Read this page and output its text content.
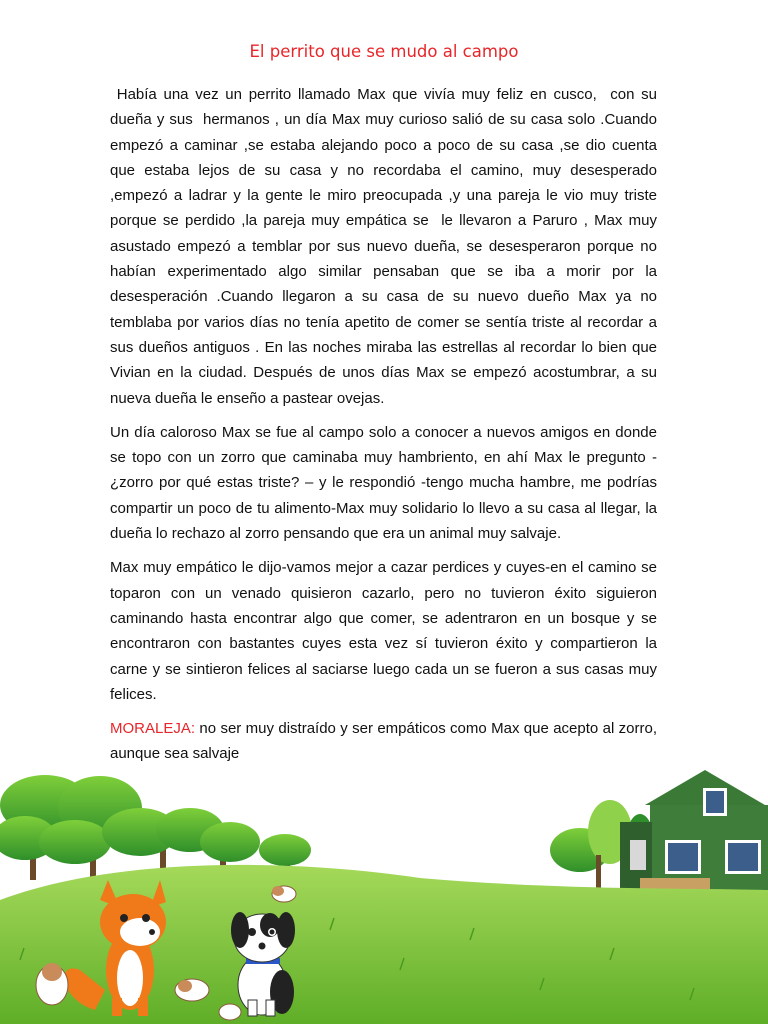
El perrito que se mudo al campo

Había una vez un perrito llamado Max que vivía muy feliz en cusco,  con su dueña y sus  hermanos , un día Max muy curioso salió de su casa solo .Cuando empezó a caminar ,se estaba alejando poco a poco de su casa ,se dio cuenta que estaba lejos de su casa y no recordaba el camino, muy desesperado ,empezó a ladrar y la gente le miro preocupada ,y una pareja le vio muy triste porque se perdido ,la pareja muy empática se  le llevaron a Paruro , Max muy asustado empezó a temblar por sus nuevo dueña, se desesperaron porque no habían experimentado algo similar pensaban que se iba a morir por la desesperación .Cuando llegaron a su casa de su nuevo dueño Max ya no temblaba por varios días no tenía apetito de comer se sentía triste al recordar a sus dueños antiguos . En las noches miraba las estrellas al recordar lo bien que Vivian en la ciudad. Después de unos días Max se empezó acostumbrar, a su nueva dueña le enseño a pastear ovejas.

Un día caloroso Max se fue al campo solo a conocer a nuevos amigos en donde se topo con un zorro que caminaba muy hambriento, en ahí Max le pregunto - ¿zorro por qué estas triste? – y le respondió -tengo mucha hambre, me podrías compartir un poco de tu alimento-Max muy solidario lo llevo a su casa al llegar, la dueña lo rechazo al zorro pensando que era un animal muy salvaje.

Max muy empático le dijo-vamos mejor a cazar perdices y cuyes-en el camino se toparon con un venado quisieron cazarlo, pero no tuvieron éxito siguieron caminando hasta encontrar algo que comer, se adentraron en un bosque y se encontraron con bastantes cuyes esta vez sí tuvieron éxito y compartieron la carne y se sintieron felices al saciarse luego cada un se fueron a sus casas muy felices.

MORALEJA: no ser muy distraído y ser empáticos como Max que acepto al zorro, aunque sea salvaje
